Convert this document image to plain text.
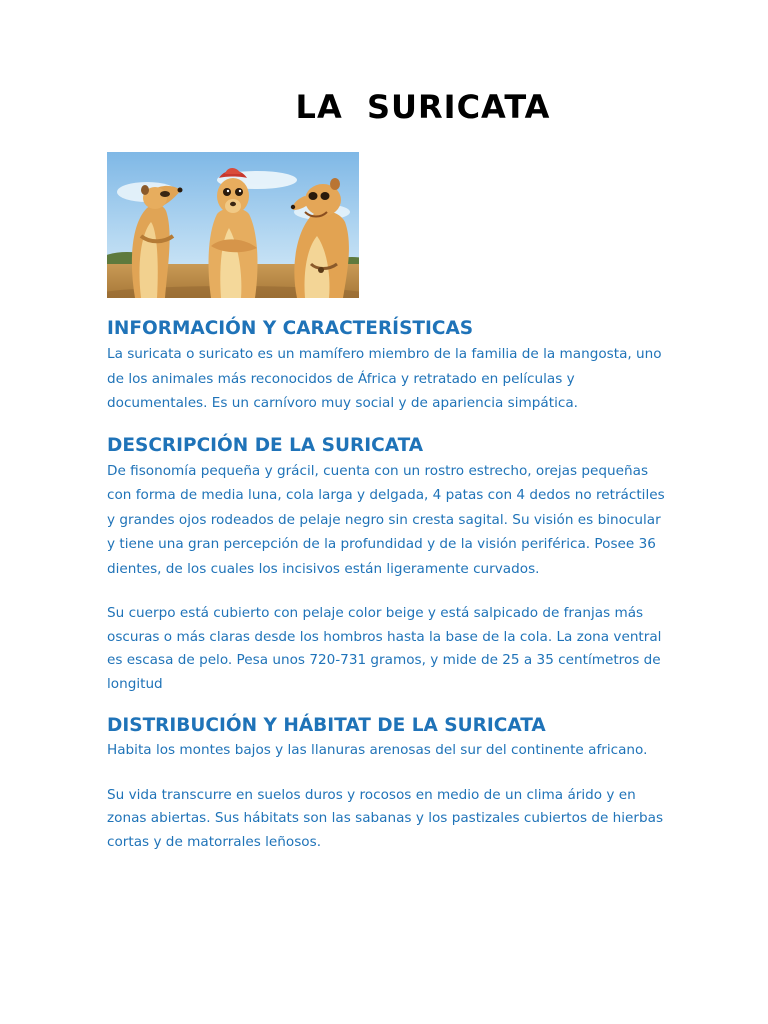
LA  SURICATA
INFORMACIÓN Y CARACTERÍSTICAS

La suricata o suricato es un mamífero miembro de la familia de la mangosta, uno de los animales más reconocidos de África y retratado en películas y documentales. Es un carnívoro muy social y de apariencia simpática.

DESCRIPCIÓN DE LA SURICATA

De fisonomía pequeña y grácil, cuenta con un rostro estrecho, orejas pequeñas con forma de media luna, cola larga y delgada, 4 patas con 4 dedos no retráctiles y grandes ojos rodeados de pelaje negro sin cresta sagital. Su visión es binocular y tiene una gran percepción de la profundidad y de la visión periférica. Posee 36 dientes, de los cuales los incisivos están ligeramente curvados.

Su cuerpo está cubierto con pelaje color beige y está salpicado de franjas más oscuras o más claras desde los hombros hasta la base de la cola. La zona ventral es escasa de pelo. Pesa unos 720-731 gramos, y mide de 25 a 35 centímetros de longitud

DISTRIBUCIÓN Y HÁBITAT DE LA SURICATA

Habita los montes bajos y las llanuras arenosas del sur del continente africano.

Su vida transcurre en suelos duros y rocosos en medio de un clima árido y en zonas abiertas. Sus hábitats son las sabanas y los pastizales cubiertos de hierbas cortas y de matorrales leñosos.
